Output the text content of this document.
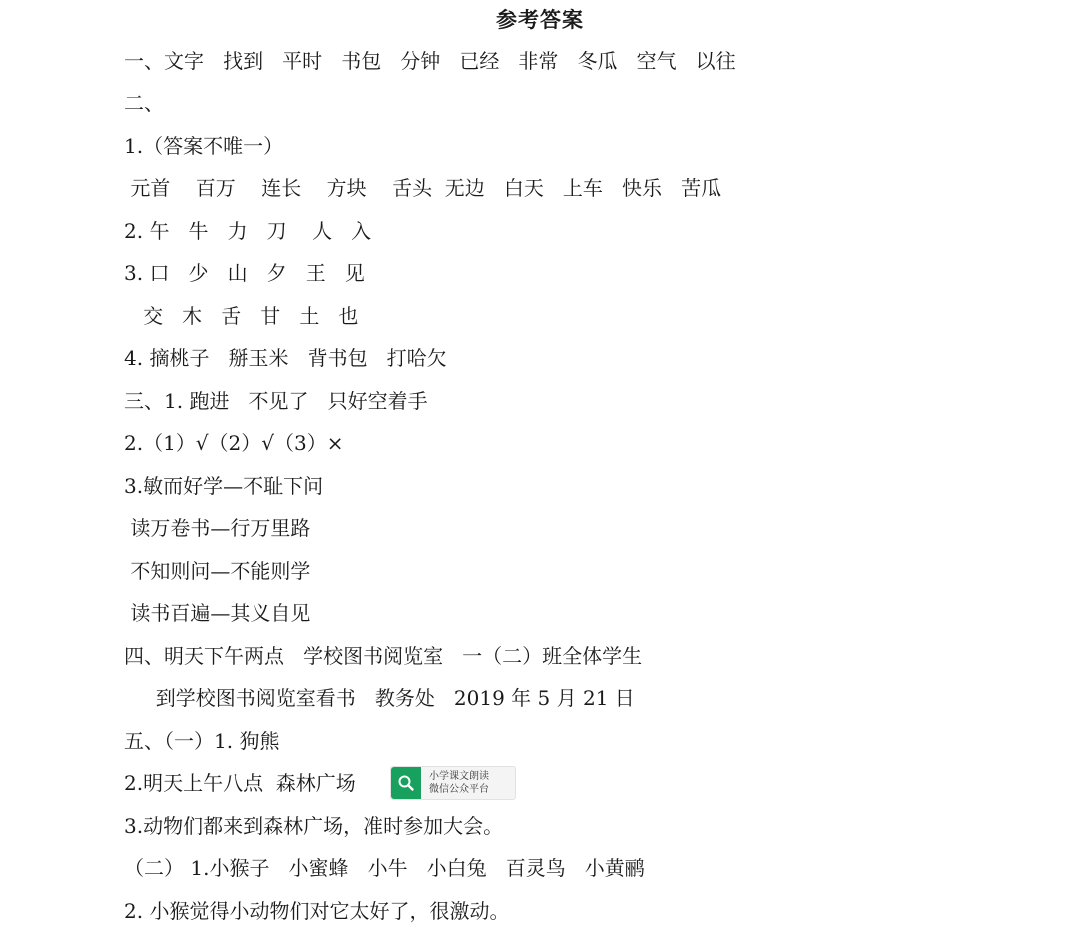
参考答案
一、文字   找到   平时   书包   分钟   已经   非常   冬瓜   空气   以往
二、
1.（答案不唯一）
元首    百万    连长    方块    舌头  无边   白天   上车   快乐   苦瓜
2. 午   牛   力   刀    人   入
3. 口   少   山   夕   王   见
交   木   舌   甘   土   也
4. 摘桃子   掰玉米   背书包   打哈欠
三、1. 跑进   不见了   只好空着手
2.（1）√（2）√（3）×
3.敏而好学—不耻下问
读万卷书—行万里路
不知则问—不能则学
读书百遍—其义自见
四、明天下午两点   学校图书阅览室   一（二）班全体学生
到学校图书阅览室看书   教务处   2019 年 5 月 21 日
五、（一）1. 狗熊
2.明天上午八点  森林广场
3.动物们都来到森林广场，准时参加大会。
（二） 1.小猴子   小蜜蜂   小牛   小白兔   百灵鸟   小黄鹂
2. 小猴觉得小动物们对它太好了，很激动。
小学课文朗读
微信公众平台
